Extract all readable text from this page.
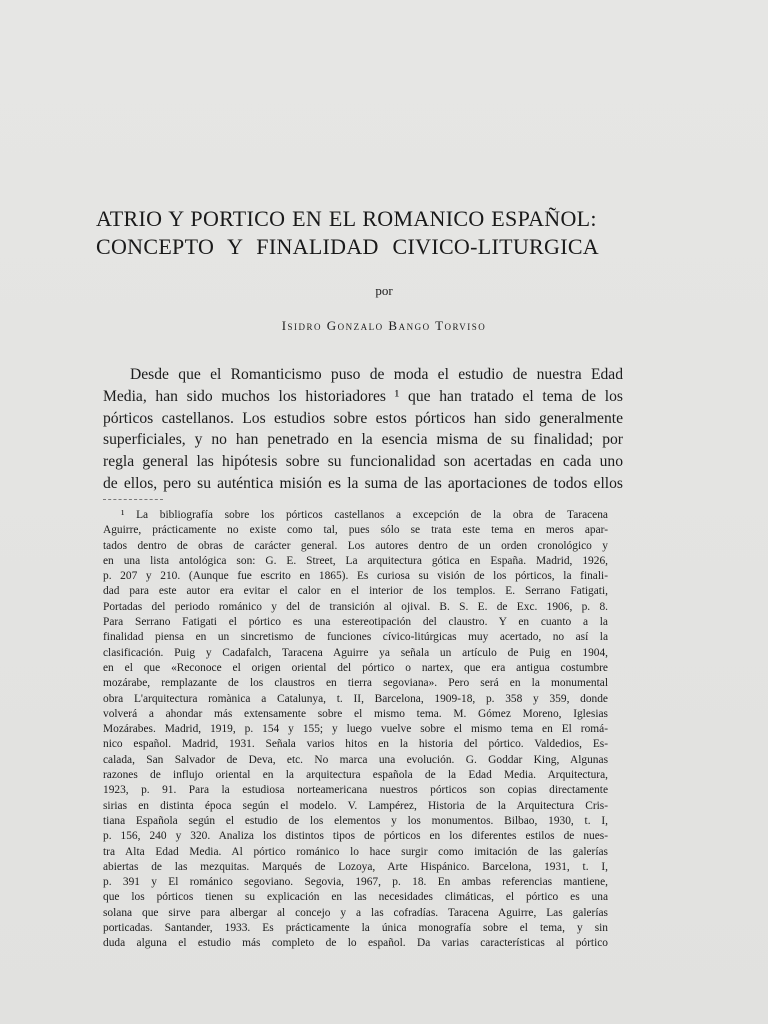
ATRIO Y PORTICO EN EL ROMANICO ESPAÑOL:
CONCEPTO Y FINALIDAD CIVICO-LITURGICA
por
Isidro Gonzalo Bango Torviso
Desde que el Romanticismo puso de moda el estudio de nuestra Edad
Media, han sido muchos los historiadores ¹ que han tratado el tema de los
pórticos castellanos. Los estudios sobre estos pórticos han sido generalmente
superficiales, y no han penetrado en la esencia misma de su finalidad; por
regla general las hipótesis sobre su funcionalidad son acertadas en cada uno
de ellos, pero su auténtica misión es la suma de las aportaciones de todos ellos
¹ La bibliografía sobre los pórticos castellanos a excepción de la obra de Taracena
Aguirre, prácticamente no existe como tal, pues sólo se trata este tema en meros apar-
tados dentro de obras de carácter general. Los autores dentro de un orden cronológico y
en una lista antológica son: G. E. Street, La arquitectura gótica en España. Madrid, 1926,
p. 207 y 210. (Aunque fue escrito en 1865). Es curiosa su visión de los pórticos, la finali-
dad para este autor era evitar el calor en el interior de los templos. E. Serrano Fatigati,
Portadas del periodo románico y del de transición al ojival. B. S. E. de Exc. 1906, p. 8.
Para Serrano Fatigati el pórtico es una estereotipación del claustro. Y en cuanto a la
finalidad piensa en un sincretismo de funciones cívico-litúrgicas muy acertado, no así la
clasificación. Puig y Cadafalch, Taracena Aguirre ya señala un artículo de Puig en 1904,
en el que «Reconoce el origen oriental del pórtico o nartex, que era antigua costumbre
mozárabe, remplazante de los claustros en tierra segoviana». Pero será en la monumental
obra L'arquitectura romànica a Catalunya, t. II, Barcelona, 1909-18, p. 358 y 359, donde
volverá a ahondar más extensamente sobre el mismo tema. M. Gómez Moreno, Iglesias
Mozárabes. Madrid, 1919, p. 154 y 155; y luego vuelve sobre el mismo tema en El romá-
nico español. Madrid, 1931. Señala varios hitos en la historia del pórtico. Valdedios, Es-
calada, San Salvador de Deva, etc. No marca una evolución. G. Goddar King, Algunas
razones de influjo oriental en la arquitectura española de la Edad Media. Arquitectura,
1923, p. 91. Para la estudiosa norteamericana nuestros pórticos son copias directamente
sirias en distinta época según el modelo. V. Lampérez, Historia de la Arquitectura Cris-
tiana Española según el estudio de los elementos y los monumentos. Bilbao, 1930, t. I,
p. 156, 240 y 320. Analiza los distintos tipos de pórticos en los diferentes estilos de nues-
tra Alta Edad Media. Al pórtico románico lo hace surgir como imitación de las galerías
abiertas de las mezquitas. Marqués de Lozoya, Arte Hispánico. Barcelona, 1931, t. I,
p. 391 y El románico segoviano. Segovia, 1967, p. 18. En ambas referencias mantiene,
que los pórticos tienen su explicación en las necesidades climáticas, el pórtico es una
solana que sirve para albergar al concejo y a las cofradías. Taracena Aguirre, Las galerías
porticadas. Santander, 1933. Es prácticamente la única monografía sobre el tema, y sin
duda alguna el estudio más completo de lo español. Da varias características al pórtico
